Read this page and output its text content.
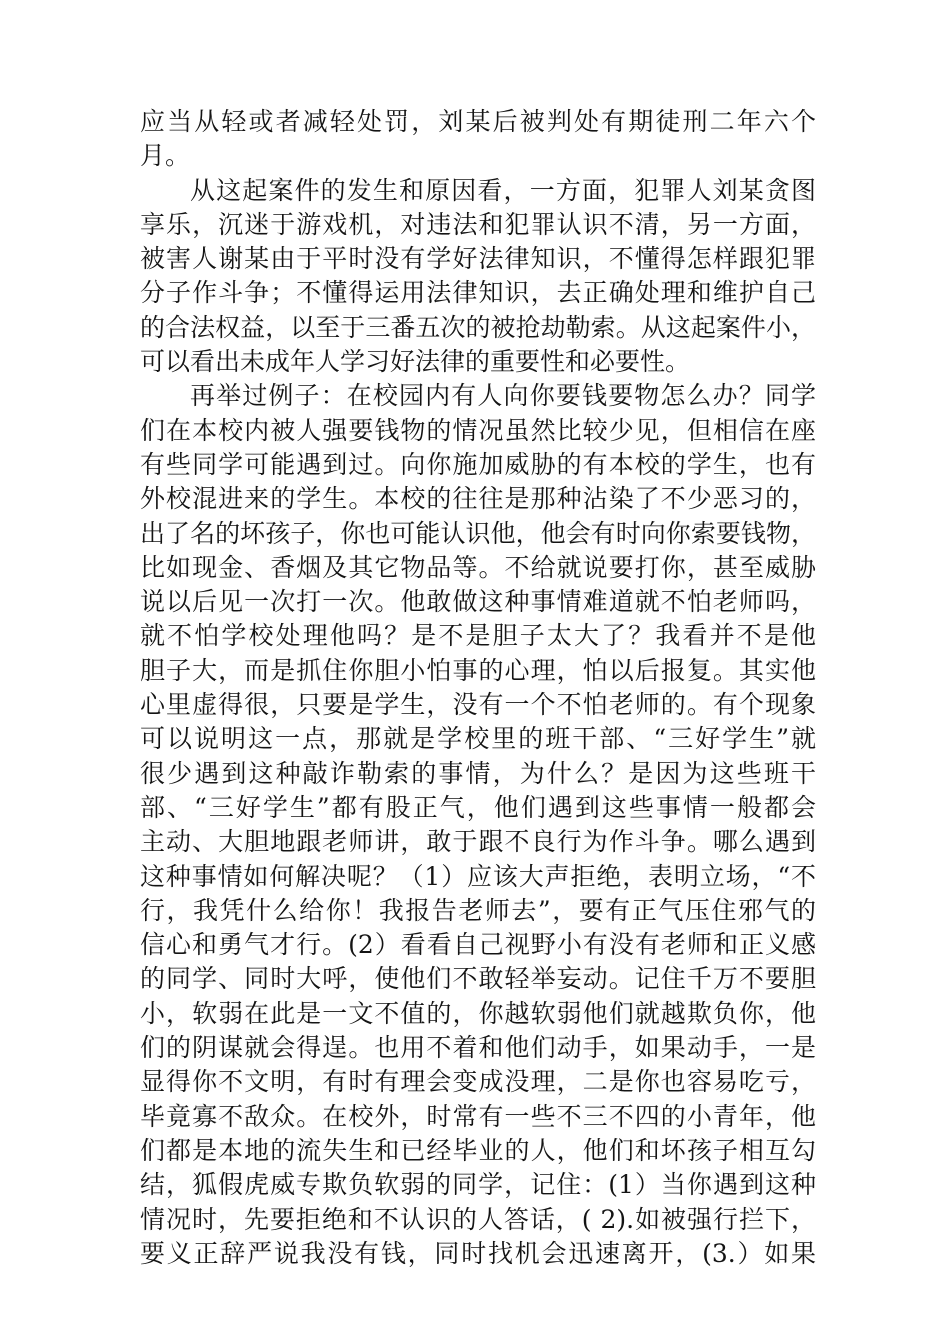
应当从轻或者减轻处罚，刘某后被判处有期徒刑二年六个
月。
从这起案件的发生和原因看，一方面，犯罪人刘某贪图
享乐，沉迷于游戏机，对违法和犯罪认识不清，另一方面，
被害人谢某由于平时没有学好法律知识，不懂得怎样跟犯罪
分子作斗争；不懂得运用法律知识，去正确处理和维护自己
的合法权益，以至于三番五次的被抢劫勒索。从这起案件小，
可以看出未成年人学习好法律的重要性和必要性。
再举过例子：在校园内有人向你要钱要物怎么办？同学
们在本校内被人强要钱物的情况虽然比较少见，但相信在座
有些同学可能遇到过。向你施加威胁的有本校的学生，也有
外校混进来的学生。本校的往往是那种沾染了不少恶习的，
出了名的坏孩子，你也可能认识他，他会有时向你索要钱物，
比如现金、香烟及其它物品等。不给就说要打你，甚至威胁
说以后见一次打一次。他敢做这种事情难道就不怕老师吗，
就不怕学校处理他吗？是不是胆子太大了？我看并不是他
胆子大，而是抓住你胆小怕事的心理，怕以后报复。其实他
心里虚得很，只要是学生，没有一个不怕老师的。有个现象
可以说明这一点，那就是学校里的班干部、“三好学生”就
很少遇到这种敲诈勒索的事情，为什么？是因为这些班干
部、“三好学生”都有股正气，他们遇到这些事情一般都会
主动、大胆地跟老师讲，敢于跟不良行为作斗争。哪么遇到
这种事情如何解决呢？（1）应该大声拒绝，表明立场，“不
行，我凭什么给你！我报告老师去”，要有正气压住邪气的
信心和勇气才行。(2）看看自己视野小有没有老师和正义感
的同学、同时大呼，使他们不敢轻举妄动。记住千万不要胆
小，软弱在此是一文不值的，你越软弱他们就越欺负你，他
们的阴谋就会得逞。也用不着和他们动手，如果动手，一是
显得你不文明，有时有理会变成没理，二是你也容易吃亏，
毕竟寡不敌众。在校外，时常有一些不三不四的小青年，他
们都是本地的流失生和已经毕业的人，他们和坏孩子相互勾
结，狐假虎威专欺负软弱的同学，记住：(1）当你遇到这种
情况时，先要拒绝和不认识的人答话，( 2).如被强行拦下，
要义正辞严说我没有钱，同时找机会迅速离开，(3.）如果
